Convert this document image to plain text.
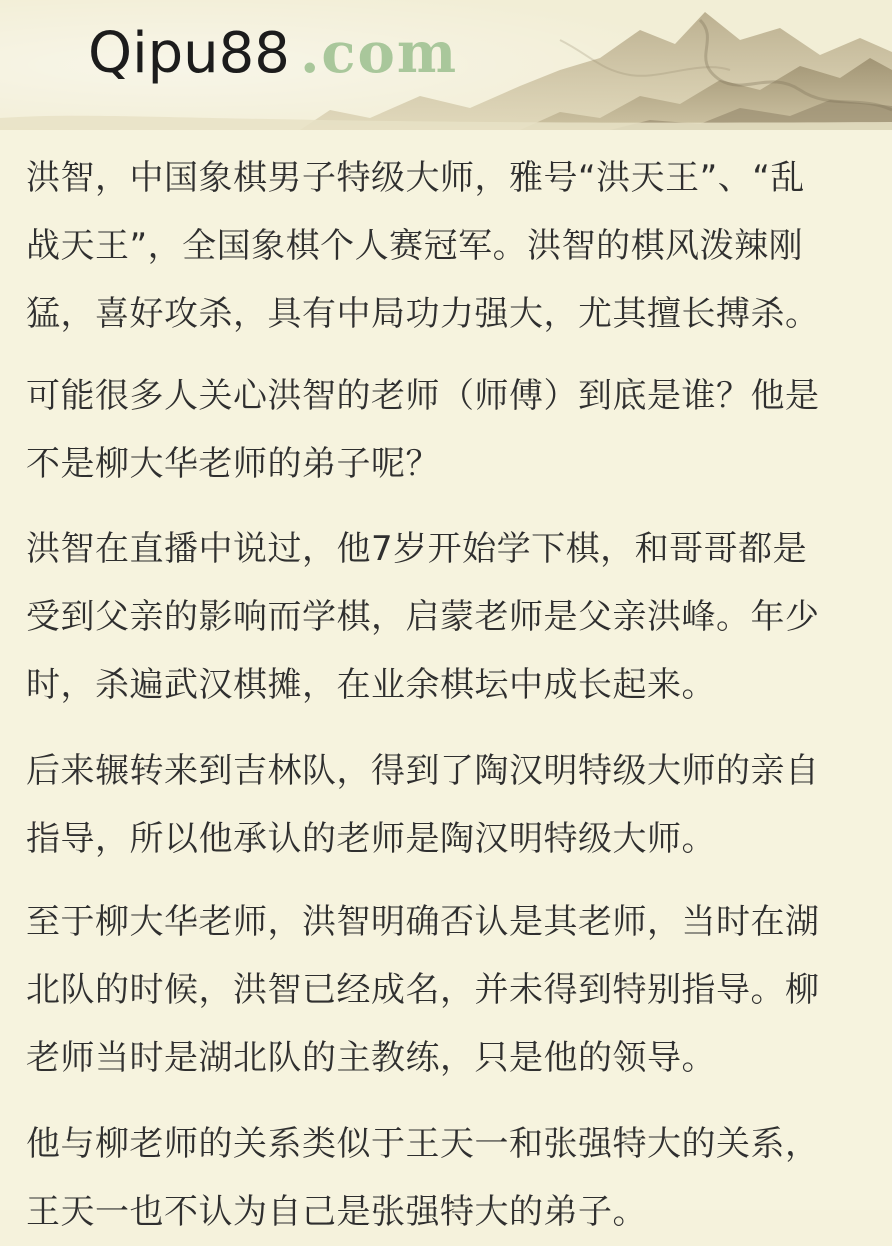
Qipu88 .com

洪智，中国象棋男子特级大师，雅号“洪天王”、“乱
战天王”，全国象棋个人赛冠军。洪智的棋风泼辣刚
猛，喜好攻杀，具有中局功力强大，尤其擅长搏杀。

可能很多人关心洪智的老师（师傅）到底是谁？他是
不是柳大华老师的弟子呢？

洪智在直播中说过，他7岁开始学下棋，和哥哥都是
受到父亲的影响而学棋，启蒙老师是父亲洪峰。年少
时，杀遍武汉棋摊，在业余棋坛中成长起来。

后来辗转来到吉林队，得到了陶汉明特级大师的亲自
指导，所以他承认的老师是陶汉明特级大师。

至于柳大华老师，洪智明确否认是其老师，当时在湖
北队的时候，洪智已经成名，并未得到特别指导。柳
老师当时是湖北队的主教练，只是他的领导。

他与柳老师的关系类似于王天一和张强特大的关系，
王天一也不认为自己是张强特大的弟子。
